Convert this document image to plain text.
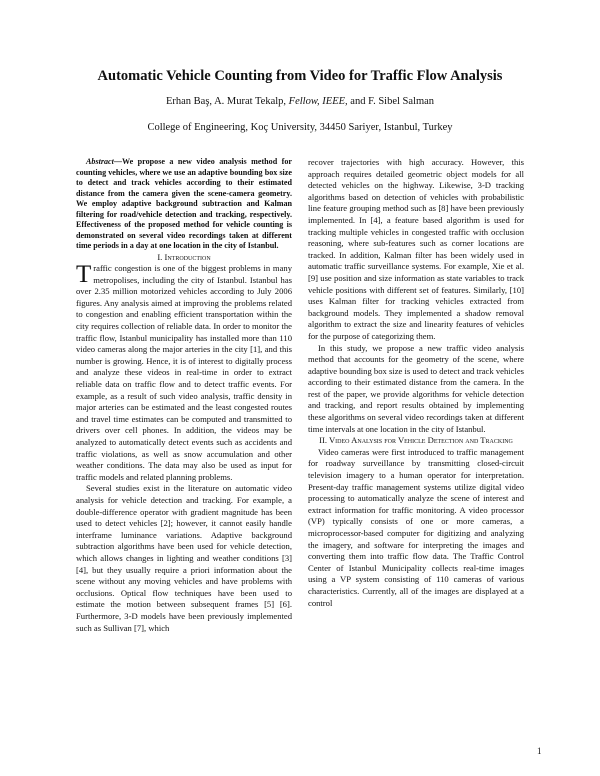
Automatic Vehicle Counting from Video for Traffic Flow Analysis
Erhan Baş, A. Murat Tekalp, Fellow, IEEE, and F. Sibel Salman
College of Engineering, Koç University, 34450 Sariyer, Istanbul, Turkey

Abstract—We propose a new video analysis method for counting vehicles, where we use an adaptive bounding box size to detect and track vehicles according to their estimated distance from the camera given the scene-camera geometry. We employ adaptive background subtraction and Kalman filtering for road/vehicle detection and tracking, respectively. Effectiveness of the proposed method for vehicle counting is demonstrated on several video recordings taken at different time periods in a day at one location in the city of Istanbul.

I. Introduction

Traffic congestion is one of the biggest problems in many metropolises, including the city of Istanbul. Istanbul has over 2.35 million motorized vehicles according to July 2006 figures. Any analysis aimed at improving the problems related to congestion and enabling efficient transportation within the city requires collection of reliable data. In order to monitor the traffic flow, Istanbul municipality has installed more than 110 video cameras along the major arteries in the city [1], and this number is growing. Hence, it is of interest to digitally process and analyze these videos in real-time in order to extract reliable data on traffic flow and to detect traffic events. For example, as a result of such video analysis, traffic density in major arteries can be estimated and the least congested routes and travel time estimates can be computed and transmitted to drivers over cell phones. In addition, the videos may be analyzed to automatically detect events such as accidents and traffic violations, as well as snow accumulation and other weather conditions. The data may also be used as input for traffic models and related planning problems.

Several studies exist in the literature on automatic video analysis for vehicle detection and tracking. For example, a double-difference operator with gradient magnitude has been used to detect vehicles [2]; however, it cannot easily handle interframe luminance variations. Adaptive background subtraction algorithms have been used for vehicle detection, which allows changes in lighting and weather conditions [3] [4], but they usually require a priori information about the scene without any moving vehicles and have problems with occlusions. Optical flow techniques have been used to estimate the motion between subsequent frames [5] [6]. Furthermore, 3-D models have been previously implemented such as Sullivan [7], which

recover trajectories with high accuracy. However, this approach requires detailed geometric object models for all detected vehicles on the highway. Likewise, 3-D tracking algorithms based on detection of vehicles with probabilistic line feature grouping method such as [8] have been previously implemented. In [4], a feature based algorithm is used for tracking multiple vehicles in congested traffic with occlusion reasoning, where sub-features such as corner locations are tracked. In addition, Kalman filter has been widely used in automatic traffic surveillance systems. For example, Xie et al. [9] use position and size information as state variables to track vehicle positions with different set of features. Similarly, [10] uses Kalman filter for tracking vehicles extracted from background models. They implemented a shadow removal algorithm to extract the size and linearity features of vehicles for the purpose of categorizing them.

In this study, we propose a new traffic video analysis method that accounts for the geometry of the scene, where adaptive bounding box size is used to detect and track vehicles according to their estimated distance from the camera. In the rest of the paper, we provide algorithms for vehicle detection and tracking, and report results obtained by implementing these algorithms on several video recordings taken at different time intervals at one location in the city of Istanbul.

II. Video Analysis for Vehicle Detection and Tracking

Video cameras were first introduced to traffic management for roadway surveillance by transmitting closed-circuit television imagery to a human operator for interpretation. Present-day traffic management systems utilize digital video processing to automatically analyze the scene of interest and extract information for traffic monitoring. A video processor (VP) typically consists of one or more cameras, a microprocessor-based computer for digitizing and analyzing the imagery, and software for interpreting the images and converting them into traffic flow data. The Traffic Control Center of Istanbul Municipality collects real-time images using a VP system consisting of 110 cameras of various characteristics. Currently, all of the images are displayed at a control

1
